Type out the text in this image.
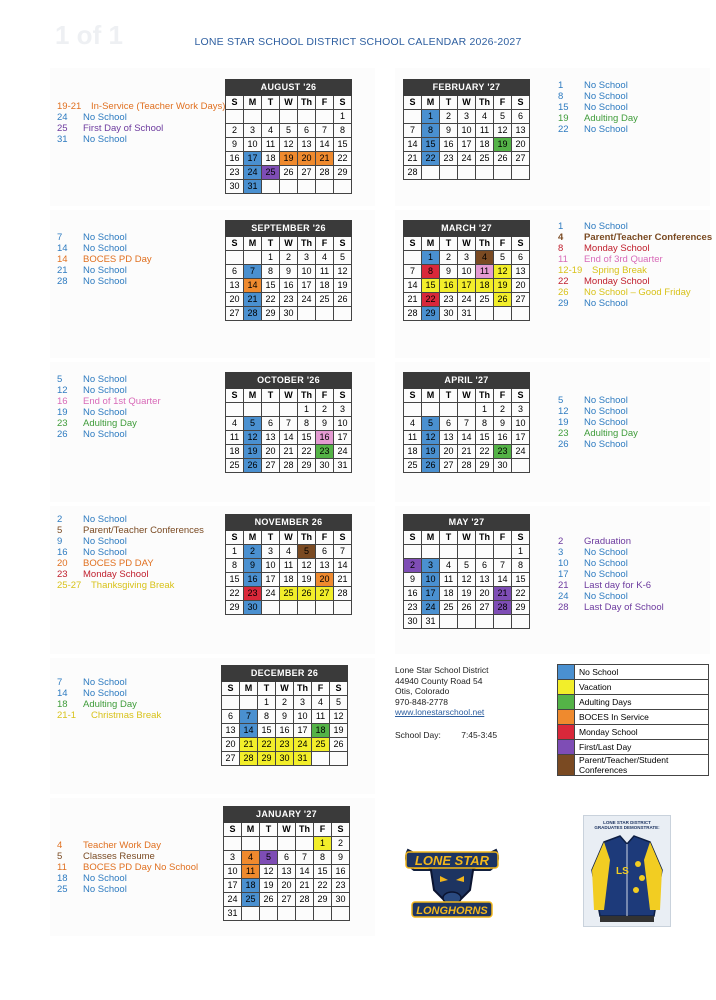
1 of 1	LONE STAR SCHOOL DISTRICT SCHOOL CALENDAR 2026-2027
AUGUST '26						
S	M	T	W	Th	F	S
						1
2	3	4	5	6	7	8
9	10	11	12	13	14	15
16	17	18	19	20	21	22
23	24	25	26	27	28	29
30	31					
FEBRUARY '27						
S	M	T	W	Th	F	S
	1	2	3	4	5	6
7	8	9	10	11	12	13
14	15	16	17	18	19	20
21	22	23	24	25	26	27
28						
SEPTEMBER '26						
S	M	T	W	Th	F	S
		1	2	3	4	5
6	7	8	9	10	11	12
13	14	15	16	17	18	19
20	21	22	23	24	25	26
27	28	29	30			
MARCH '27						
S	M	T	W	Th	F	S
	1	2	3	4	5	6
7	8	9	10	11	12	13
14	15	16	17	18	19	20
21	22	23	24	25	26	27
28	29	30	31			
OCTOBER '26						
S	M	T	W	Th	F	S
				1	2	3
4	5	6	7	8	9	10
11	12	13	14	15	16	17
18	19	20	21	22	23	24
25	26	27	28	29	30	31
APRIL '27						
S	M	T	W	Th	F	S
				1	2	3
4	5	6	7	8	9	10
11	12	13	14	15	16	17
18	19	20	21	22	23	24
25	26	27	28	29	30	
NOVEMBER 26						
S	M	T	W	Th	F	S
1	2	3	4	5	6	7
8	9	10	11	12	13	14
15	16	17	18	19	20	21
22	23	24	25	26	27	28
29	30					
MAY '27						
S	M	T	W	Th	F	S
						1
2	3	4	5	6	7	8
9	10	11	12	13	14	15
16	17	18	19	20	21	22
23	24	25	26	27	28	29
30	31					
DECEMBER 26						
S	M	T	W	Th	F	S
		1	2	3	4	5
6	7	8	9	10	11	12
13	14	15	16	17	18	19
20	21	22	23	24	25	26
27	28	29	30	31		
JANUARY '27						
S	M	T	W	Th	F	S
					1	2
3	4	5	6	7	8	9
10	11	12	13	14	15	16
17	18	19	20	21	22	23
24	25	26	27	28	29	30
31						
19-21 In-Service (Teacher Work Days)
24 No School
25 First Day of School
31 No School
1 No School
8 No School
15 No School
19 Adulting Day
22 No School
7 No School
14 No School
14 BOCES PD Day
21 No School
28 No School
1 No School
4 Parent/Teacher Conferences
8 Monday School
11 End of 3rd Quarter
12-19 Spring Break
22 Monday School
26 No School – Good Friday
29 No School
5 No School
12 No School
16 End of 1st Quarter
19 No School
23 Adulting Day
26 No School
5 No School
12 No School
19 No School
23 Adulting Day
26 No School
2 No School
5 Parent/Teacher Conferences
9 No School
16 No School
20 BOCES PD DAY
23 Monday School
25-27 Thanksgiving Break
2 Graduation
3 No School
10 No School
17 No School
21 Last day for K-6
24 No School
28 Last Day of School
7 No School
14 No School
18 Adulting Day
21-1 Christmas Break
4 Teacher Work Day
5 Classes Resume
11 BOCES PD Day No School
18 No School
25 No School
Lone Star School District
44940 County Road 54
Otis, Colorado
970-848-2778
www.lonestarschool.net
School Day: 7:45-3:45
	No School
	Vacation
	Adulting Days
	BOCES In Service
	Monday School
	First/Last Day
	Parent/Teacher/Student Conferences
LONE STAR
LONGHORNS
LONE STAR DISTRICT
GRADUATES DEMONSTRATE:
LS
